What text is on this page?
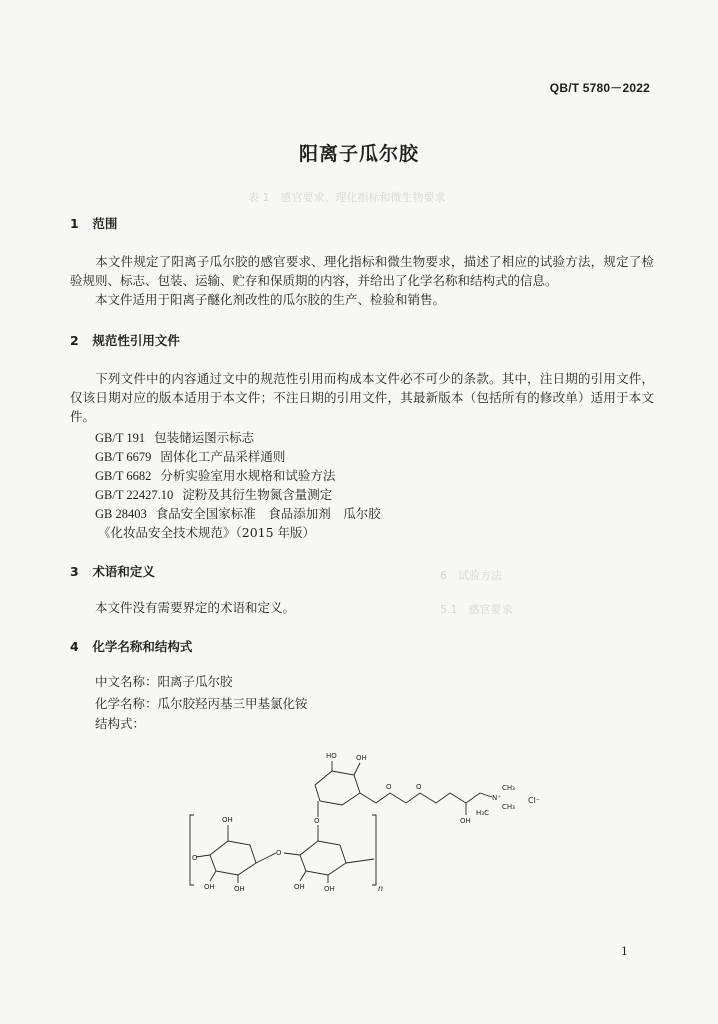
QB/T 5780－2022
表 1　感官要求、理化指标和微生物要求
6　试验方法
5.1　感官要求
阳离子瓜尔胶
1 范围
本文件规定了阳离子瓜尔胶的感官要求、理化指标和微生物要求，描述了相应的试验方法，规定了检验规则、标志、包装、运输、贮存和保质期的内容，并给出了化学名称和结构式的信息。
本文件适用于阳离子醚化剂改性的瓜尔胶的生产、检验和销售。
2 规范性引用文件
下列文件中的内容通过文中的规范性引用而构成本文件必不可少的条款。其中，注日期的引用文件，仅该日期对应的版本适用于本文件；不注日期的引用文件，其最新版本（包括所有的修改单）适用于本文件。
GB/T 191 包装储运图示标志
GB/T 6679 固体化工产品采样通则
GB/T 6682 分析实验室用水规格和试验方法
GB/T 22427.10 淀粉及其衍生物氮含量测定
GB 28403 食品安全国家标准　食品添加剂　瓜尔胶
《化妆品安全技术规范》（2015 年版）
3 术语和定义
本文件没有需要界定的术语和定义。
4 化学名称和结构式
中文名称：阳离子瓜尔胶
化学名称：瓜尔胶羟丙基三甲基氯化铵
结构式：
OH
OH
OH	OH
OH
HO	OH
OH
O
O
O
O	O
N⁺
CH₃
CH₃
H₃C
Cl⁻
n
1
